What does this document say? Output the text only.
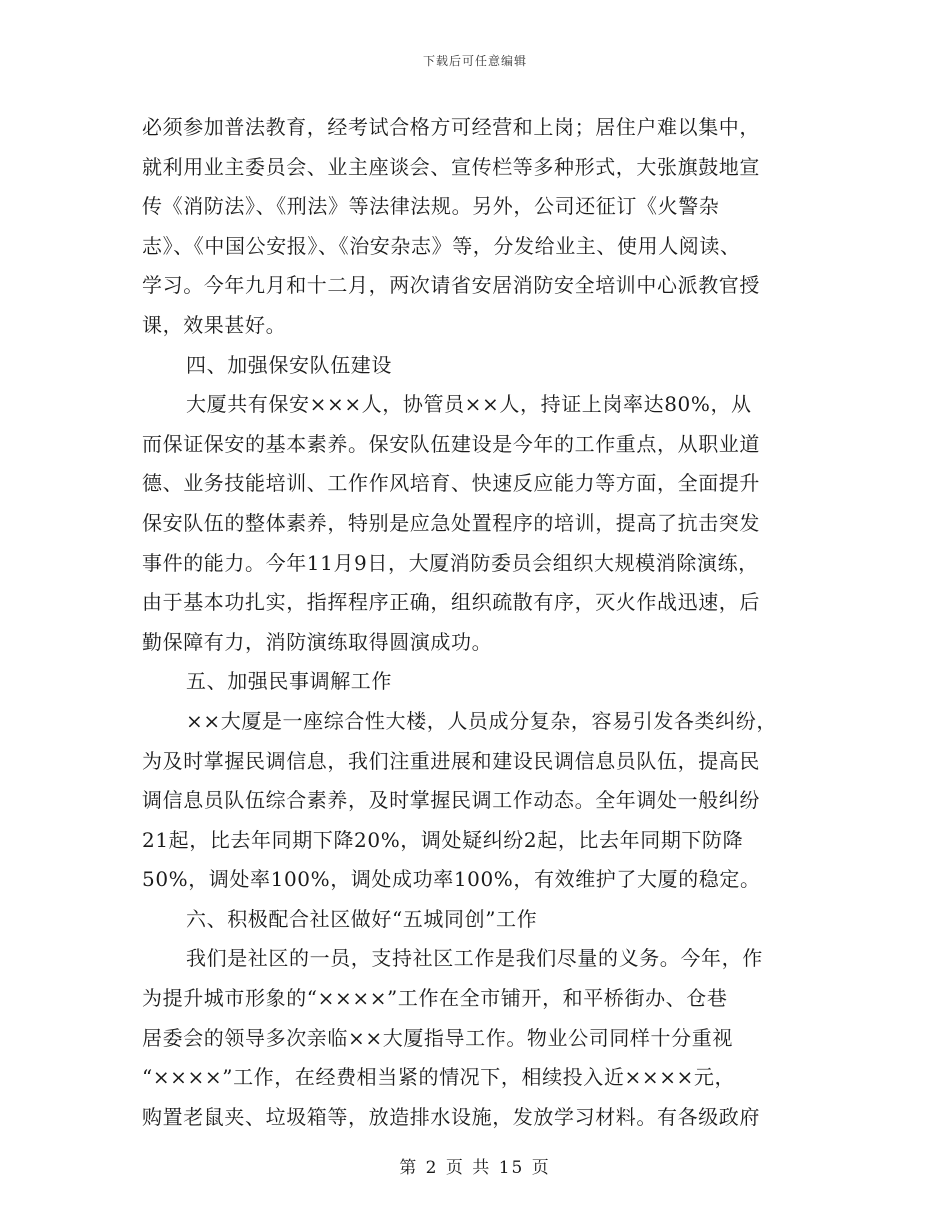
下载后可任意编辑
必须参加普法教育，经考试合格方可经营和上岗；居住户难以集中，
就利用业主委员会、业主座谈会、宣传栏等多种形式，大张旗鼓地宣
传《消防法》、《刑法》等法律法规。另外，公司还征订《火警杂
志》、《中国公安报》、《治安杂志》等，分发给业主、使用人阅读、
学习。今年九月和十二月，两次请省安居消防安全培训中心派教官授
课，效果甚好。
四、加强保安队伍建设
大厦共有保安×××人，协管员××人，持证上岗率达80%，从
而保证保安的基本素养。保安队伍建设是今年的工作重点，从职业道
德、业务技能培训、工作作风培育、快速反应能力等方面，全面提升
保安队伍的整体素养，特别是应急处置程序的培训，提高了抗击突发
事件的能力。今年11月9日，大厦消防委员会组织大规模消除演练，
由于基本功扎实，指挥程序正确，组织疏散有序，灭火作战迅速，后
勤保障有力，消防演练取得圆演成功。
五、加强民事调解工作
××大厦是一座综合性大楼，人员成分复杂，容易引发各类纠纷，
为及时掌握民调信息，我们注重进展和建设民调信息员队伍，提高民
调信息员队伍综合素养，及时掌握民调工作动态。全年调处一般纠纷
21起，比去年同期下降20%，调处疑纠纷2起，比去年同期下防降
50%，调处率100%，调处成功率100%，有效维护了大厦的稳定。
六、积极配合社区做好“五城同创”工作
我们是社区的一员，支持社区工作是我们尽量的义务。今年，作
为提升城市形象的“××××”工作在全市铺开，和平桥街办、仓巷
居委会的领导多次亲临××大厦指导工作。物业公司同样十分重视
“××××”工作，在经费相当紧的情况下，相续投入近××××元，
购置老鼠夹、垃圾箱等，放造排水设施，发放学习材料。有各级政府
第 2 页 共 15 页
